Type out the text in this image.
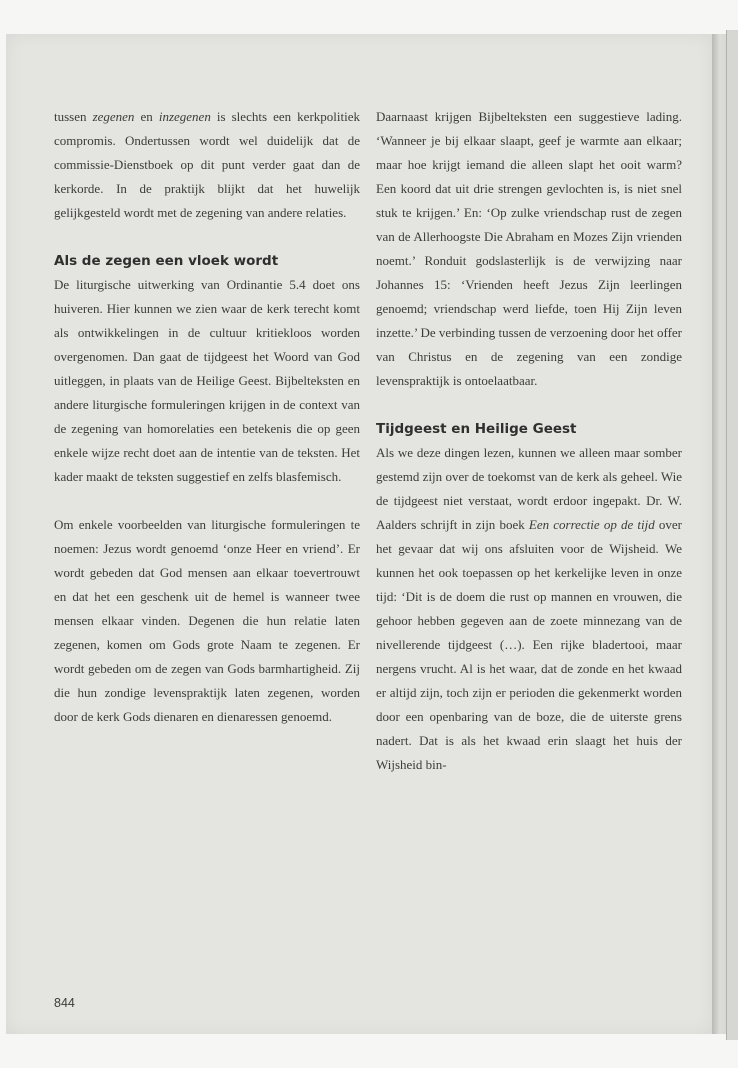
tussen zegenen en inzegenen is slechts een kerkpolitiek compromis. Ondertussen wordt wel duidelijk dat de commissie-Dienstboek op dit punt verder gaat dan de kerkorde. In de praktijk blijkt dat het huwelijk gelijkgesteld wordt met de zegening van andere relaties.

Als de zegen een vloek wordt

De liturgische uitwerking van Ordinantie 5.4 doet ons huiveren. Hier kunnen we zien waar de kerk terecht komt als ontwikkelingen in de cultuur kritiekloos worden overgenomen. Dan gaat de tijdgeest het Woord van God uitleggen, in plaats van de Heilige Geest. Bijbelteksten en andere liturgische formuleringen krijgen in de context van de zegening van homorelaties een betekenis die op geen enkele wijze recht doet aan de intentie van de teksten. Het kader maakt de teksten suggestief en zelfs blasfemisch.

Om enkele voorbeelden van liturgische formuleringen te noemen: Jezus wordt genoemd ‘onze Heer en vriend’. Er wordt gebeden dat God mensen aan elkaar toevertrouwt en dat het een geschenk uit de hemel is wanneer twee mensen elkaar vinden. Degenen die hun relatie laten zegenen, komen om Gods grote Naam te zegenen. Er wordt gebeden om de zegen van Gods barmhartigheid. Zij die hun zondige levenspraktijk laten zegenen, worden door de kerk Gods dienaren en dienaressen genoemd.

Daarnaast krijgen Bijbelteksten een suggestieve lading. ‘Wanneer je bij elkaar slaapt, geef je warmte aan elkaar; maar hoe krijgt iemand die alleen slapt het ooit warm? Een koord dat uit drie strengen gevlochten is, is niet snel stuk te krijgen.’ En: ‘Op zulke vriendschap rust de zegen van de Allerhoogste Die Abraham en Mozes Zijn vrienden noemt.’ Ronduit godslasterlijk is de verwijzing naar Johannes 15: ‘Vrienden heeft Jezus Zijn leerlingen genoemd; vriendschap werd liefde, toen Hij Zijn leven inzette.’ De verbinding tussen de verzoening door het offer van Christus en de zegening van een zondige levenspraktijk is ontoelaatbaar.

Tijdgeest en Heilige Geest

Als we deze dingen lezen, kunnen we alleen maar somber gestemd zijn over de toekomst van de kerk als geheel. Wie de tijdgeest niet verstaat, wordt erdoor ingepakt. Dr. W. Aalders schrijft in zijn boek Een correctie op de tijd over het gevaar dat wij ons afsluiten voor de Wijsheid. We kunnen het ook toepassen op het kerkelijke leven in onze tijd: ‘Dit is de doem die rust op mannen en vrouwen, die gehoor hebben gegeven aan de zoete minnezang van de nivellerende tijdgeest (…). Een rijke bladertooi, maar nergens vrucht. Al is het waar, dat de zonde en het kwaad er altijd zijn, toch zijn er perioden die gekenmerkt worden door een openbaring van de boze, die de uiterste grens nadert. Dat is als het kwaad erin slaagt het huis der Wijsheid bin-

844
